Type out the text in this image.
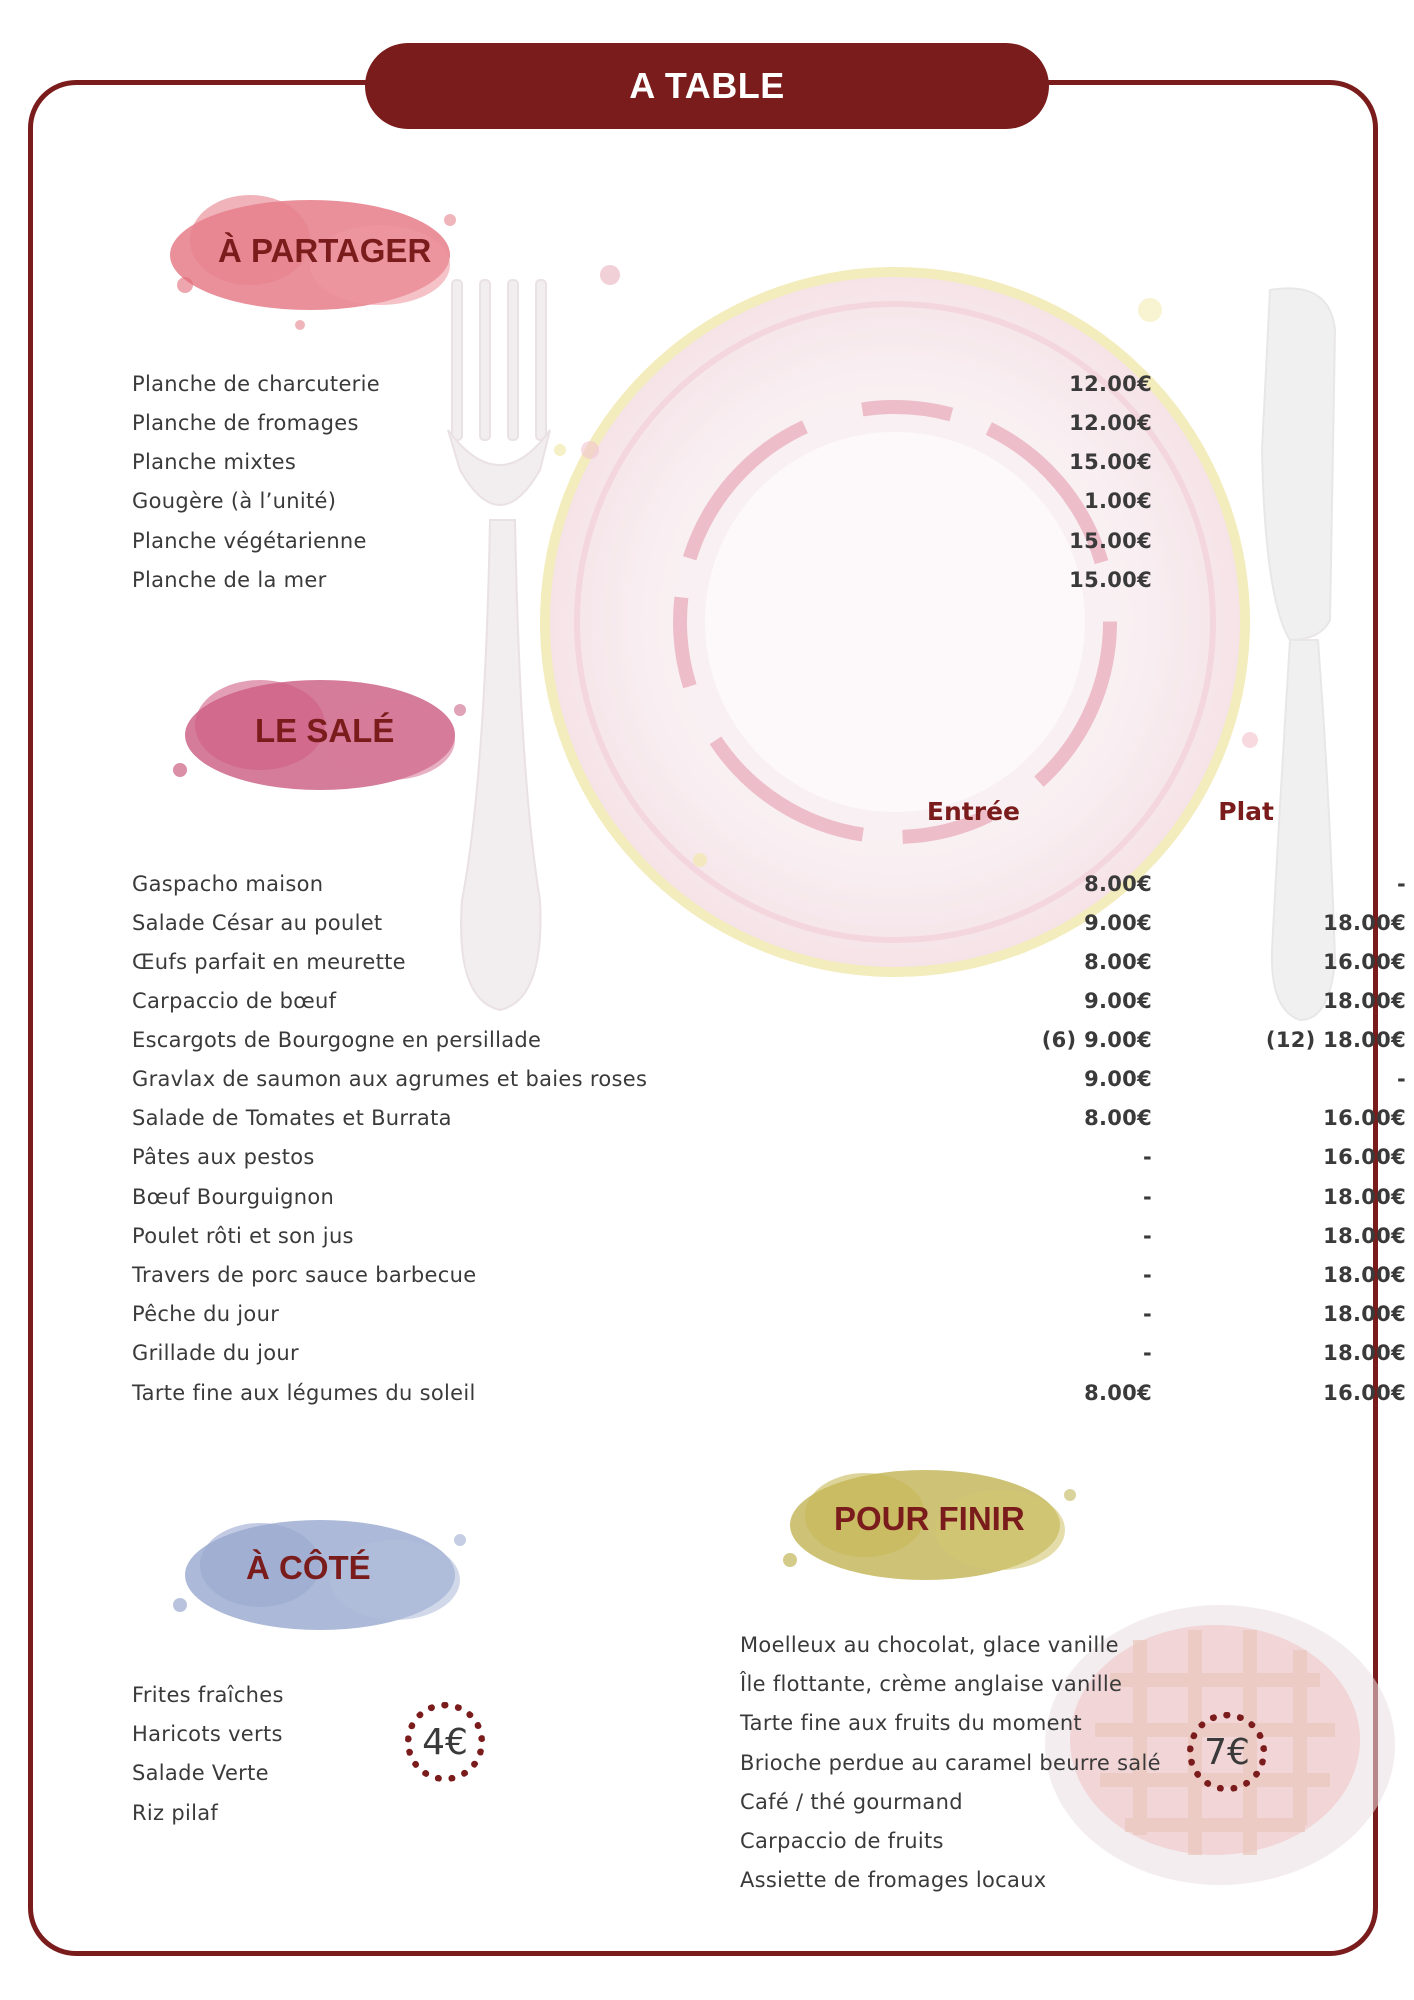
A TABLE
À PARTAGER
LE SALÉ
À CÔTÉ
POUR FINIR
Planche de charcuterie	12.00€
Planche de fromages	12.00€
Planche mixtes	15.00€
Gougère (à l’unité)	1.00€
Planche végétarienne	15.00€
Planche de la mer	15.00€
Entrée	Plat
Gaspacho maison	8.00€	-
Salade César au poulet	9.00€	18.00€
Œufs parfait en meurette	8.00€	16.00€
Carpaccio de bœuf	9.00€	18.00€
Escargots de Bourgogne en persillade	(6) 9.00€	(12) 18.00€
Gravlax de saumon aux agrumes et baies roses	9.00€	-
Salade de Tomates et Burrata	8.00€	16.00€
Pâtes aux pestos	-	16.00€
Bœuf Bourguignon	-	18.00€
Poulet rôti et son jus	-	18.00€
Travers de porc sauce barbecue	-	18.00€
Pêche du jour	-	18.00€
Grillade du jour	-	18.00€
Tarte fine aux légumes du soleil	8.00€	16.00€
Frites fraîches
Haricots verts
Salade Verte
Riz pilaf
4€
Moelleux au chocolat, glace vanille
Île flottante, crème anglaise vanille
Tarte fine aux fruits du moment
Brioche perdue au caramel beurre salé
Café / thé gourmand
Carpaccio de fruits
Assiette de fromages locaux
7€
